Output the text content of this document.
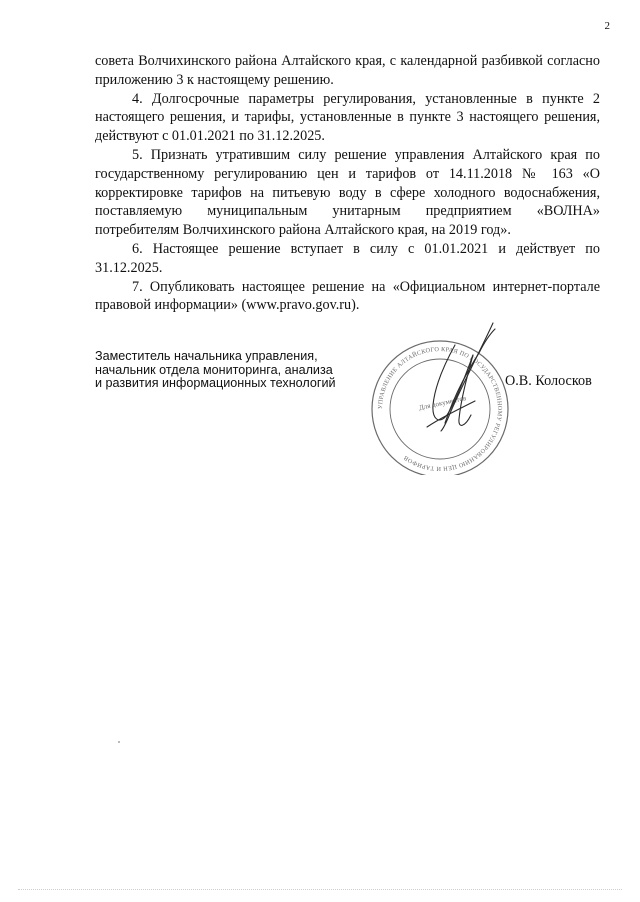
2

совета Волчихинского района Алтайского края, с календарной разбивкой согласно приложению 3 к настоящему решению.

4. Долгосрочные параметры регулирования, установленные в пункте 2 настоящего решения, и тарифы, установленные в пункте 3 настоящего решения, действуют с 01.01.2021 по 31.12.2025.

5. Признать утратившим силу решение управления Алтайского края по государственному регулированию цен и тарифов от 14.11.2018 № 163 «О корректировке тарифов на питьевую воду в сфере холодного водоснабжения, поставляемую муниципальным унитарным предприятием «ВОЛНА» потребителям Волчихинского района Алтайского края, на 2019 год».

6. Настоящее решение вступает в силу с 01.01.2021 и действует по 31.12.2025.

7. Опубликовать настоящее решение на «Официальном интернет-портале правовой информации» (www.pravo.gov.ru).

Заместитель начальника управления,
начальник отдела мониторинга, анализа
и развития информационных технологий
УПРАВЛЕНИЕ АЛТАЙСКОГО КРАЯ ПО ГОСУДАРСТВЕННОМУ РЕГУЛИРОВАНИЮ ЦЕН И ТАРИФОВ
Для документов
О.В. Колосков
